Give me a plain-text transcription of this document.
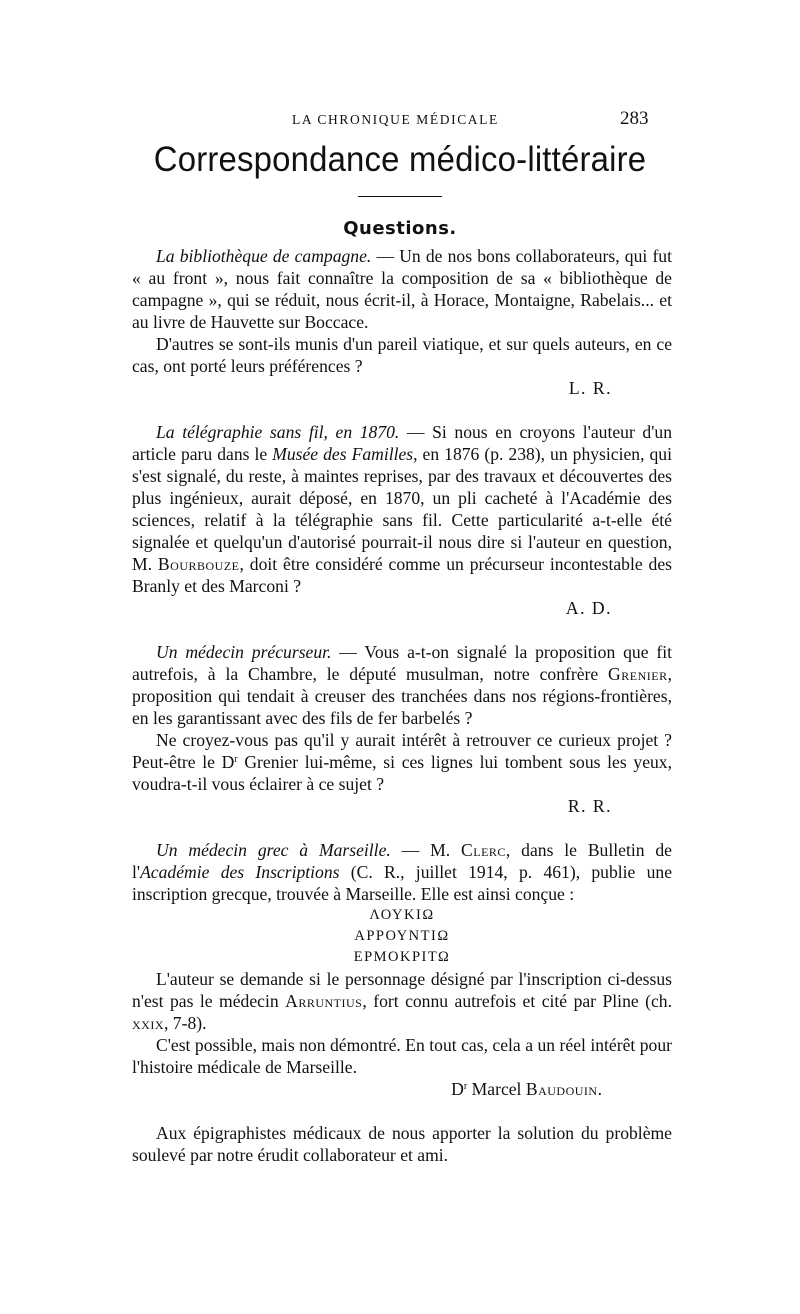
LA CHRONIQUE MÉDICALE	283
Correspondance médico-littéraire
Questions.

La bibliothèque de campagne. — Un de nos bons collaborateurs, qui fut « au front », nous fait connaître la composition de sa « bibliothèque de campagne », qui se réduit, nous écrit-il, à Horace, Montaigne, Rabelais... et au livre de Hauvette sur Boccace.

D'autres se sont-ils munis d'un pareil viatique, et sur quels auteurs, en ce cas, ont porté leurs préférences ?

L. R.

La télégraphie sans fil, en 1870. — Si nous en croyons l'auteur d'un article paru dans le Musée des Familles, en 1876 (p. 238), un physicien, qui s'est signalé, du reste, à maintes reprises, par des travaux et découvertes des plus ingénieux, aurait déposé, en 1870, un pli cacheté à l'Académie des sciences, relatif à la télégraphie sans fil. Cette particularité a-t-elle été signalée et quelqu'un d'autorisé pourrait-il nous dire si l'auteur en question, M. Bourbouze, doit être considéré comme un précurseur incontestable des Branly et des Marconi ?

A. D.

Un médecin précurseur. — Vous a-t-on signalé la proposition que fit autrefois, à la Chambre, le député musulman, notre confrère Grenier, proposition qui tendait à creuser des tranchées dans nos régions-frontières, en les garantissant avec des fils de fer barbelés ?

Ne croyez-vous pas qu'il y aurait intérêt à retrouver ce curieux projet ? Peut-être le $D^r$ Grenier lui-même, si ces lignes lui tombent sous les yeux, voudra-t-il vous éclairer à ce sujet ?

R. R.

Un médecin grec à Marseille. — M. Clerc, dans le Bulletin de l'Académie des Inscriptions (C. R., juillet 1914, p. 461), publie une inscription grecque, trouvée à Marseille. Elle est ainsi conçue :

ΛΟΥΚΙΩ
ΑΡΡΟΥΝΤΙΩ
ΕΡΜΟΚΡΙΤΩ

L'auteur se demande si le personnage désigné par l'inscription ci-dessus n'est pas le médecin Arruntius, fort connu autrefois et cité par Pline (ch. xxix, 7-8).

C'est possible, mais non démontré. En tout cas, cela a un réel intérêt pour l'histoire médicale de Marseille.

$D^r$ Marcel Baudouin.

Aux épigraphistes médicaux de nous apporter la solution du problème soulevé par notre érudit collaborateur et ami.
